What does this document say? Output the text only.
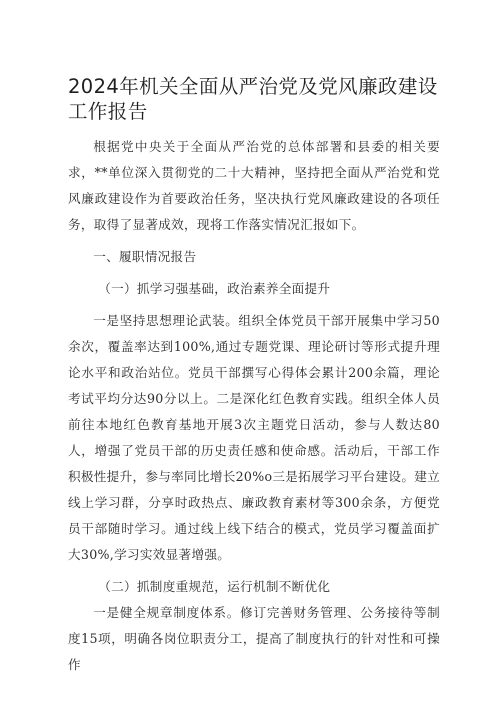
2024年机关全面从严治党及党风廉政建设工作报告

根据党中央关于全面从严治党的总体部署和县委的相关要求，**单位深入贯彻党的二十大精神，坚持把全面从严治党和党风廉政建设作为首要政治任务，坚决执行党风廉政建设的各项任务，取得了显著成效，现将工作落实情况汇报如下。

一、履职情况报告

（一）抓学习强基础，政治素养全面提升

一是坚持思想理论武装。组织全体党员干部开展集中学习50余次，覆盖率达到100%,通过专题党课、理论研讨等形式提升理论水平和政治站位。党员干部撰写心得体会累计200余篇，理论考试平均分达90分以上。二是深化红色教育实践。组织全体人员前往本地红色教育基地开展3次主题党日活动，参与人数达80人，增强了党员干部的历史责任感和使命感。活动后，干部工作积极性提升，参与率同比增长20%o三是拓展学习平台建设。建立线上学习群，分享时政热点、廉政教育素材等300余条，方便党员干部随时学习。通过线上线下结合的模式，党员学习覆盖面扩大30%,学习实效显著增强。

（二）抓制度重规范，运行机制不断优化

一是健全规章制度体系。修订完善财务管理、公务接待等制度15项，明确各岗位职责分工，提高了制度执行的针对性和可操作
